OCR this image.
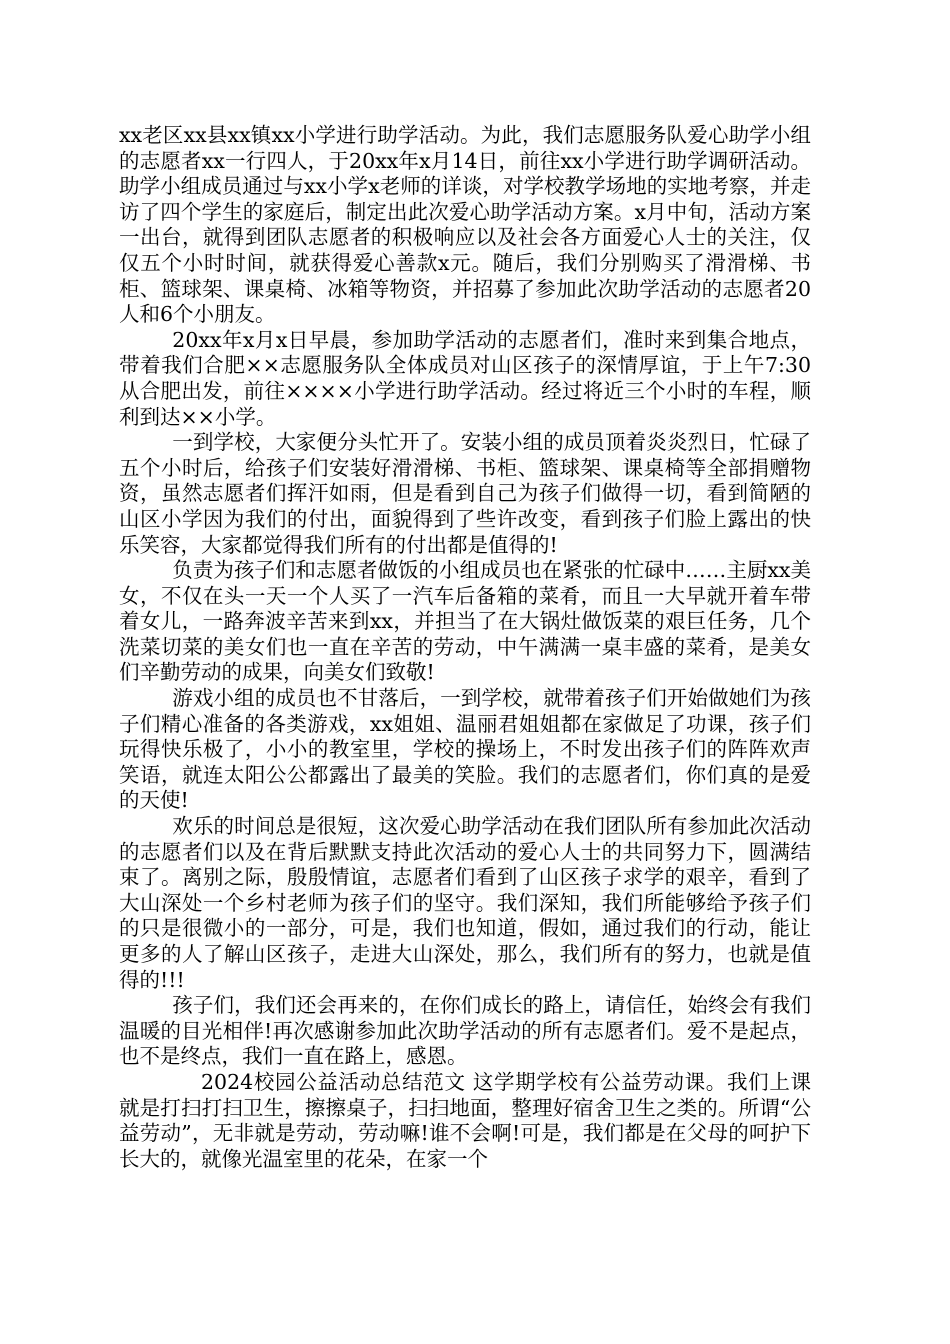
xx老区xx县xx镇xx小学进行助学活动。为此，我们志愿服务队爱心助学小组的志愿者xx一行四人，于20xx年x月14日，前往xx小学进行助学调研活动。助学小组成员通过与xx小学x老师的详谈，对学校教学场地的实地考察，并走访了四个学生的家庭后，制定出此次爱心助学活动方案。x月中旬，活动方案一出台，就得到团队志愿者的积极响应以及社会各方面爱心人士的关注，仅仅五个小时时间，就获得爱心善款x元。随后，我们分别购买了滑滑梯、书柜、篮球架、课桌椅、冰箱等物资，并招募了参加此次助学活动的志愿者20人和6个小朋友。

20xx年x月x日早晨，参加助学活动的志愿者们，准时来到集合地点，带着我们合肥××志愿服务队全体成员对山区孩子的深情厚谊，于上午7:30从合肥出发，前往××××小学进行助学活动。经过将近三个小时的车程，顺利到达××小学。

一到学校，大家便分头忙开了。安装小组的成员顶着炎炎烈日，忙碌了五个小时后，给孩子们安装好滑滑梯、书柜、篮球架、课桌椅等全部捐赠物资，虽然志愿者们挥汗如雨，但是看到自己为孩子们做得一切，看到简陋的山区小学因为我们的付出，面貌得到了些许改变，看到孩子们脸上露出的快乐笑容，大家都觉得我们所有的付出都是值得的!

负责为孩子们和志愿者做饭的小组成员也在紧张的忙碌中……主厨xx美女，不仅在头一天一个人买了一汽车后备箱的菜肴，而且一大早就开着车带着女儿，一路奔波辛苦来到xx，并担当了在大锅灶做饭菜的艰巨任务，几个洗菜切菜的美女们也一直在辛苦的劳动，中午满满一桌丰盛的菜肴，是美女们辛勤劳动的成果，向美女们致敬!

游戏小组的成员也不甘落后，一到学校，就带着孩子们开始做她们为孩子们精心准备的各类游戏，xx姐姐、温丽君姐姐都在家做足了功课，孩子们玩得快乐极了，小小的教室里，学校的操场上，不时发出孩子们的阵阵欢声笑语，就连太阳公公都露出了最美的笑脸。我们的志愿者们，你们真的是爱的天使!

欢乐的时间总是很短，这次爱心助学活动在我们团队所有参加此次活动的志愿者们以及在背后默默支持此次活动的爱心人士的共同努力下，圆满结束了。离别之际，殷殷情谊，志愿者们看到了山区孩子求学的艰辛，看到了大山深处一个乡村老师为孩子们的坚守。我们深知，我们所能够给予孩子们的只是很微小的一部分，可是，我们也知道，假如，通过我们的行动，能让更多的人了解山区孩子，走进大山深处，那么，我们所有的努力，也就是值得的!!!

孩子们，我们还会再来的，在你们成长的路上，请信任，始终会有我们温暖的目光相伴!再次感谢参加此次助学活动的所有志愿者们。爱不是起点，也不是终点，我们一直在路上，感恩。

2024校园公益活动总结范文 这学期学校有公益劳动课。我们上课就是打扫打扫卫生，擦擦桌子，扫扫地面，整理好宿舍卫生之类的。所谓“公益劳动”，无非就是劳动，劳动嘛!谁不会啊!可是，我们都是在父母的呵护下长大的，就像光温室里的花朵，在家一个
